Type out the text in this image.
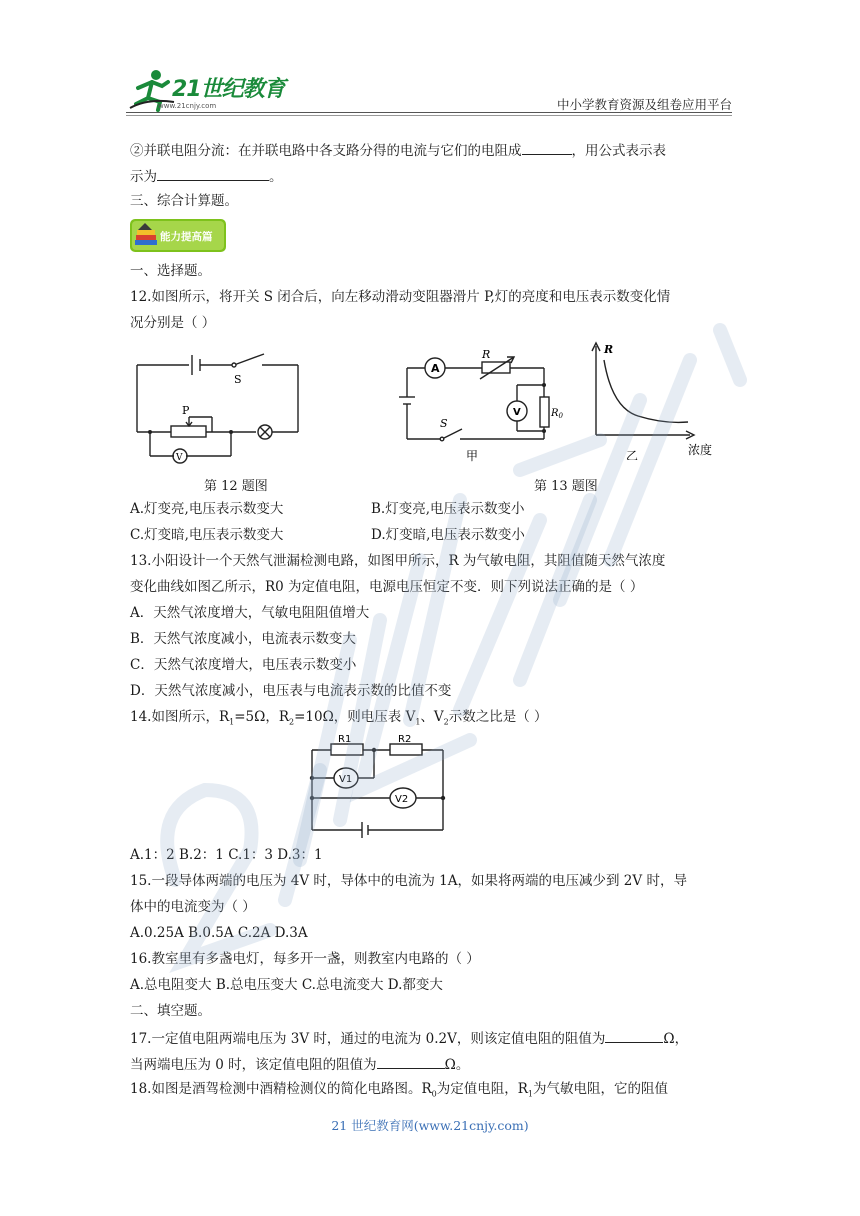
21世纪教育
www.21cnjy.com	中小学教育资源及组卷应用平台
②并联电阻分流：在并联电路中各支路分得的电流与它们的电阻成	，用公式表示表
示为	。
三、综合计算题。
能力提高篇
一、选择题。
12.如图所示，将开关 S 闭合后，向左移动滑动变阻器滑片 P,灯的亮度和电压表示数变化情
况分别是（ ）
S
P
V
第 12 题图
A
R
V	$R_0$
S
甲
R
浓度
乙
第 13 题图
A.灯变亮,电压表示数变大	B.灯变亮,电压表示数变小
C.灯变暗,电压表示数变大	D.灯变暗,电压表示数变小
13.小阳设计一个天然气泄漏检测电路，如图甲所示，R 为气敏电阻，其阻值随天然气浓度
变化曲线如图乙所示，R0 为定值电阻，电源电压恒定不变．则下列说法正确的是（ ）
A．天然气浓度增大，气敏电阻阻值增大
B．天然气浓度减小，电流表示数变大
C．天然气浓度增大，电压表示数变小
D．天然气浓度减小，电压表与电流表示数的比值不变
14.如图所示，$R_1=5\Omega$，$R_2=10\Omega$，则电压表 $V_1$、$V_2$示数之比是（ ）
R1	R2
V1
V2
A.1：2 B.2：1 C.1：3 D.3：1
15.一段导体两端的电压为 4V 时，导体中的电流为 1A，如果将两端的电压减少到 2V 时，导
体中的电流变为（ ）
A.0.25A B.0.5A C.2A D.3A
16.教室里有多盏电灯，每多开一盏，则教室内电路的（ ）
A.总电阻变大 B.总电压变大 C.总电流变大 D.都变大
二、填空题。
17.一定值电阻两端电压为 3V 时，通过的电流为 0.2V，则该定值电阻的阻值为	Ω，
当两端电压为 0 时，该定值电阻的阻值为	Ω。
18.如图是酒驾检测中酒精检测仪的简化电路图。$R_0$为定值电阻，$R_1$为气敏电阻，它的阻值
21 世纪教育网(www.21cnjy.com)
